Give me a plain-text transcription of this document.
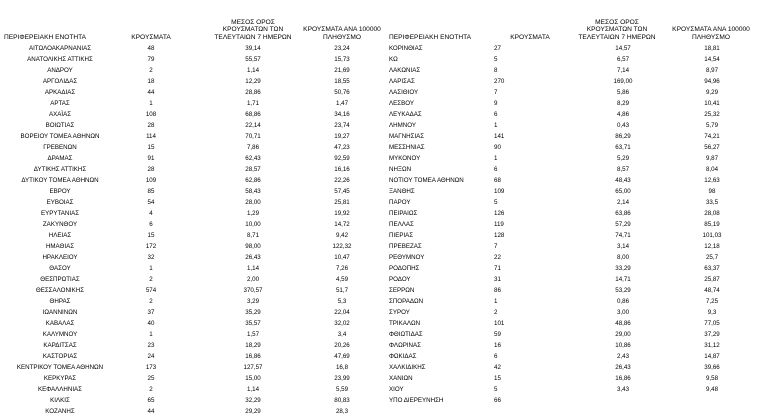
ΠΕΡΙΦΕΡΕΙΑΚΗ ΕΝΟΤΗΤΑ	ΚΡΟΥΣΜΑΤΑ
ΜΕΣΟΣ ΟΡΟΣ
ΚΡΟΥΣΜΑΤΩΝ ΤΩΝ
ΤΕΛΕΥΤΑΙΩΝ 7 ΗΜΕΡΩΝ
ΚΡΟΥΣΜΑΤΑ ΑΝΑ 100000
ΠΛΗΘΥΣΜΟ
ΑΙΤΩΛΟΑΚΑΡΝΑΝΙΑΣ	48	39,14	23,24
ΑΝΑΤΟΛΙΚΗΣ ΑΤΤΙΚΗΣ	79	55,57	15,73
ΑΝΔΡΟΥ	2	1,14	21,69
ΑΡΓΟΛΙΔΑΣ	18	12,29	18,55
ΑΡΚΑΔΙΑΣ	44	28,86	50,76
ΑΡΤΑΣ	1	1,71	1,47
ΑΧΑΪΑΣ	108	68,86	34,16
ΒΟΙΩΤΙΑΣ	28	22,14	23,74
ΒΟΡΕΙΟΥ ΤΟΜΕΑ ΑΘΗΝΩΝ	114	70,71	19,27
ΓΡΕΒΕΝΩΝ	15	7,86	47,23
ΔΡΑΜΑΣ	91	62,43	92,59
ΔΥΤΙΚΗΣ ΑΤΤΙΚΗΣ	28	28,57	16,16
ΔΥΤΙΚΟΥ ΤΟΜΕΑ ΑΘΗΝΩΝ	109	62,86	22,26
ΕΒΡΟΥ	85	58,43	57,45
ΕΥΒΟΙΑΣ	54	28,00	25,81
ΕΥΡΥΤΑΝΙΑΣ	4	1,29	19,92
ΖΑΚΥΝΘΟΥ	6	10,00	14,72
ΗΛΕΙΑΣ	15	8,71	9,42
ΗΜΑΘΙΑΣ	172	98,00	122,32
ΗΡΑΚΛΕΙΟΥ	32	26,43	10,47
ΘΑΣΟΥ	1	1,14	7,26
ΘΕΣΠΡΩΤΙΑΣ	2	2,00	4,59
ΘΕΣΣΑΛΟΝΙΚΗΣ	574	370,57	51,7
ΘΗΡΑΣ	2	3,29	5,3
ΙΩΑΝΝΙΝΩΝ	37	35,29	22,04
ΚΑΒΑΛΑΣ	40	35,57	32,02
ΚΑΛΥΜΝΟΥ	1	1,57	3,4
ΚΑΡΔΙΤΣΑΣ	23	18,29	20,26
ΚΑΣΤΟΡΙΑΣ	24	16,86	47,69
ΚΕΝΤΡΙΚΟΥ ΤΟΜΕΑ ΑΘΗΝΩΝ	173	127,57	16,8
ΚΕΡΚΥΡΑΣ	25	15,00	23,99
ΚΕΦΑΛΛΗΝΙΑΣ	2	1,14	5,59
ΚΙΛΚΙΣ	65	32,29	80,83
ΚΟΖΑΝΗΣ	44	29,29	28,3
ΠΕΡΙΦΕΡΕΙΑΚΗ ΕΝΟΤΗΤΑ	ΚΡΟΥΣΜΑΤΑ
ΜΕΣΟΣ ΟΡΟΣ
ΚΡΟΥΣΜΑΤΩΝ ΤΩΝ
ΤΕΛΕΥΤΑΙΩΝ 7 ΗΜΕΡΩΝ
ΚΡΟΥΣΜΑΤΑ ΑΝΑ 100000
ΠΛΗΘΥΣΜΟ
ΚΟΡΙΝΘΙΑΣ	27	14,57	18,81
ΚΩ	5	6,57	14,54
ΛΑΚΩΝΙΑΣ	8	7,14	8,97
ΛΑΡΙΣΑΣ	270	169,00	94,96
ΛΑΣΙΘΙΟΥ	7	5,86	9,29
ΛΕΣΒΟΥ	9	8,29	10,41
ΛΕΥΚΑΔΑΣ	6	4,86	25,32
ΛΗΜΝΟΥ	1	0,43	5,79
ΜΑΓΝΗΣΙΑΣ	141	86,29	74,21
ΜΕΣΣΗΝΙΑΣ	90	63,71	56,27
ΜΥΚΟΝΟΥ	1	5,29	9,87
ΝΗΞΩΝ	6	8,57	8,04
ΝΟΤΙΟΥ ΤΟΜΕΑ ΑΘΗΝΩΝ	68	48,43	12,63
ΞΑΝΘΗΣ	109	65,00	98
ΠΑΡΟΥ	5	2,14	33,5
ΠΕΙΡΑΙΩΣ	126	63,86	28,08
ΠΕΛΛΑΣ	119	57,29	85,19
ΠΙΕΡΙΑΣ	128	74,71	101,03
ΠΡΕΒΕΖΑΣ	7	3,14	12,18
ΡΕΘΥΜΝΟΥ	22	8,00	25,7
ΡΟΔΟΠΗΣ	71	33,29	63,37
ΡΟΔΟΥ	31	14,71	25,87
ΣΕΡΡΩΝ	86	53,29	48,74
ΣΠΟΡΑΔΩΝ	1	0,86	7,25
ΣΥΡΟΥ	2	3,00	9,3
ΤΡΙΚΑΛΩΝ	101	48,86	77,05
ΦΘΙΩΤΙΔΑΣ	59	29,00	37,29
ΦΛΩΡΙΝΑΣ	16	10,86	31,12
ΦΩΚΙΔΑΣ	6	2,43	14,87
ΧΑΛΚΙΔΙΚΗΣ	42	26,43	39,66
ΧΑΝΙΩΝ	15	16,86	9,58
ΧΙΟΥ	5	3,43	9,48
ΥΠΟ ΔΙΕΡΕΥΝΗΣΗ	66
